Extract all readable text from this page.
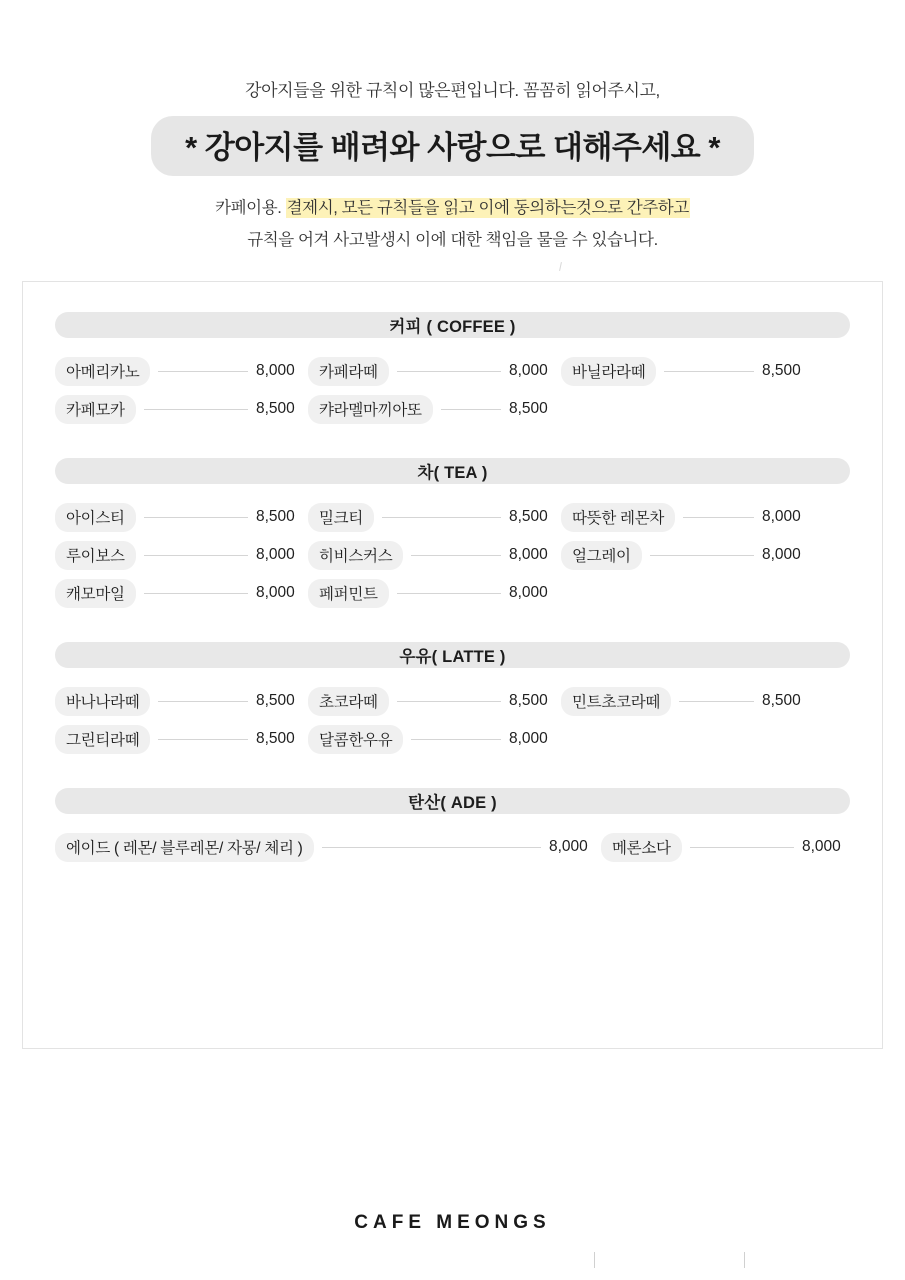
강아지들을 위한 규칙이 많은편입니다. 꼼꼼히 읽어주시고,
* 강아지를 배려와 사랑으로 대해주세요 *
카페이용. 결제시, 모든 규칙들을 읽고 이에 동의하는것으로 간주하고
규칙을 어겨 사고발생시 이에 대한 책임을 물을 수 있습니다.
커피 ( COFFEE )
아메리카노	8,000	카페라떼	8,000	바닐라라떼	8,500
카페모카	8,500	캬라멜마끼아또	8,500
차( TEA )
아이스티	8,500	밀크티	8,500	따뜻한 레몬차	8,000
루이보스	8,000	히비스커스	8,000	얼그레이	8,000
캐모마일	8,000	페퍼민트	8,000
우유( LATTE )
바나나라떼	8,500	초코라떼	8,500	민트초코라떼	8,500
그린티라떼	8,500	달콤한우유	8,000
탄산( ADE )
에이드 ( 레몬/ 블루레몬/ 자몽/ 체리 )	8,000	메론소다	8,000
CAFE MEONGS
